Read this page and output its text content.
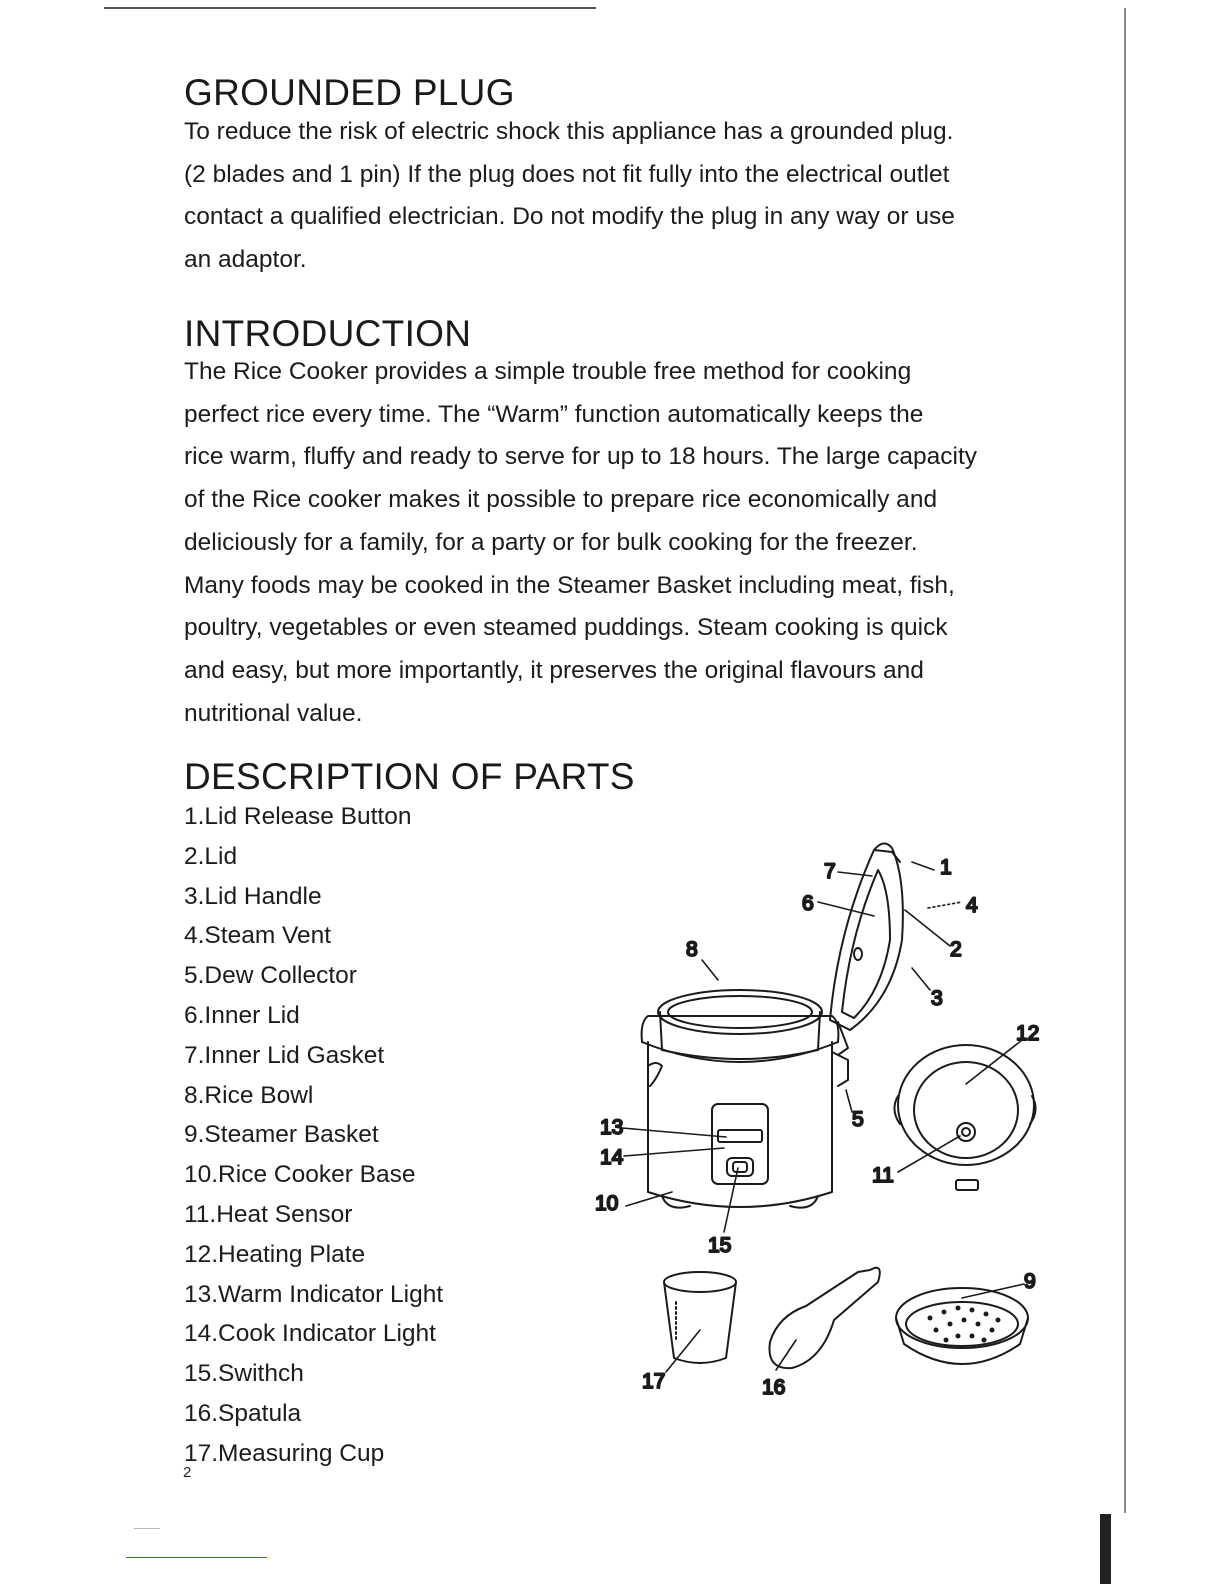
GROUNDED PLUG
To reduce the risk of electric shock this appliance has a grounded plug.
(2 blades and 1 pin) If the plug does not fit fully into the electrical outlet
contact a qualified electrician. Do not modify the plug in any way or use
an adaptor.
INTRODUCTION
The Rice Cooker provides a simple trouble free method for cooking
perfect rice every time. The “Warm” function automatically keeps the
rice warm, fluffy and ready to serve for up to 18 hours. The large capacity
of the Rice cooker makes it possible to prepare rice economically and
deliciously for a family, for a party or for bulk cooking for the freezer.
Many foods may be cooked in the Steamer Basket including meat, fish,
poultry, vegetables or even steamed puddings. Steam cooking is quick
and easy, but more importantly, it preserves the original flavours and
nutritional value.
DESCRIPTION OF PARTS
1.Lid Release Button
2.Lid
3.Lid Handle
4.Steam Vent
5.Dew Collector
6.Inner Lid
7.Inner Lid Gasket
8.Rice Bowl
9.Steamer Basket
10.Rice Cooker Base
11.Heat Sensor
12.Heating Plate
13.Warm Indicator Light
14.Cook Indicator Light
15.Swithch
16.Spatula
17.Measuring Cup
2
1
2
3
4
5
6
7
8
9
10
11
12
13
14
15
16
17
